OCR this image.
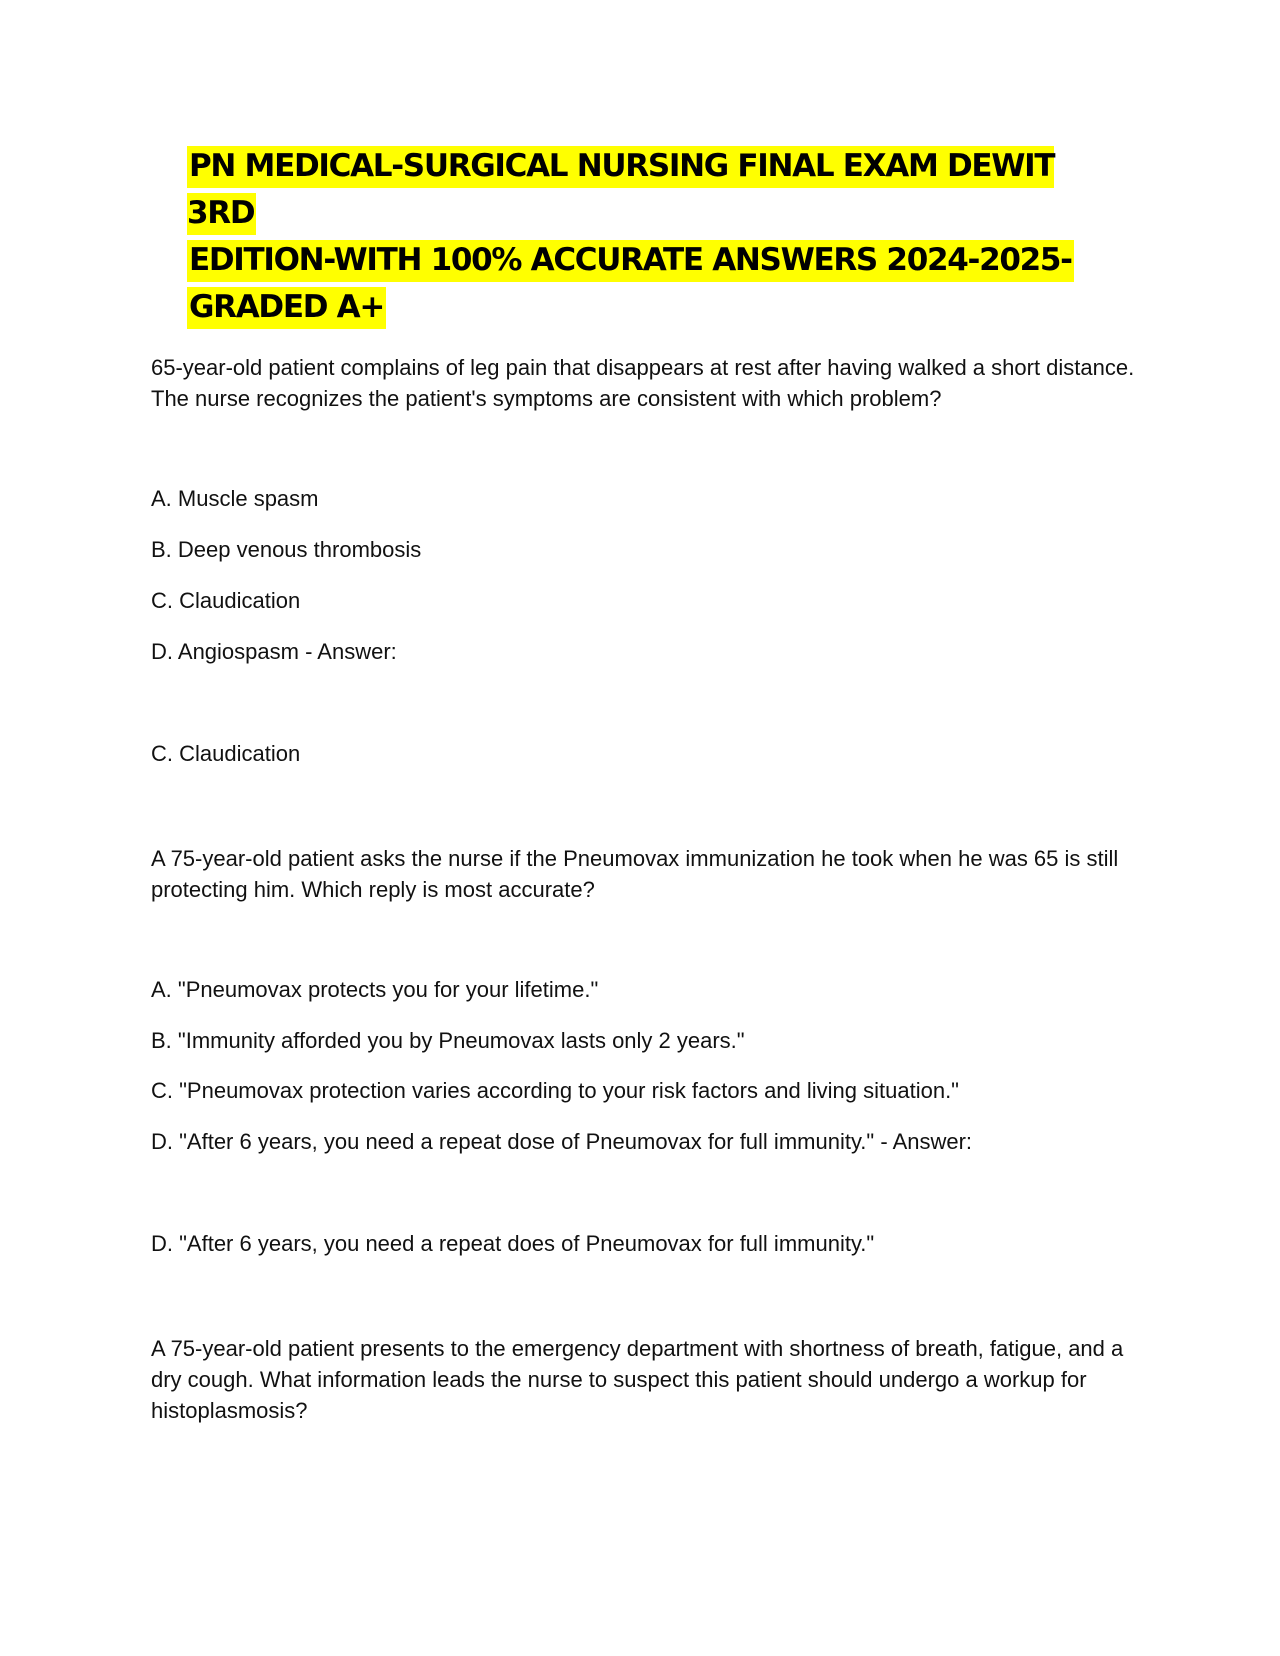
PN MEDICAL-SURGICAL NURSING FINAL EXAM DEWIT 3RD
EDITION-WITH 100% ACCURATE ANSWERS 2024-2025-
GRADED A+

65-year-old patient complains of leg pain that disappears at rest after having walked a short distance. The nurse recognizes the patient's symptoms are consistent with which problem?

A. Muscle spasm

B. Deep venous thrombosis

C. Claudication

D. Angiospasm - Answer:

C. Claudication

A 75-year-old patient asks the nurse if the Pneumovax immunization he took when he was 65 is still protecting him. Which reply is most accurate?

A. "Pneumovax protects you for your lifetime."

B. "Immunity afforded you by Pneumovax lasts only 2 years."

C. "Pneumovax protection varies according to your risk factors and living situation."

D. "After 6 years, you need a repeat dose of Pneumovax for full immunity." - Answer:

D. "After 6 years, you need a repeat does of Pneumovax for full immunity."

A 75-year-old patient presents to the emergency department with shortness of breath, fatigue, and a dry cough. What information leads the nurse to suspect this patient should undergo a workup for histoplasmosis?
